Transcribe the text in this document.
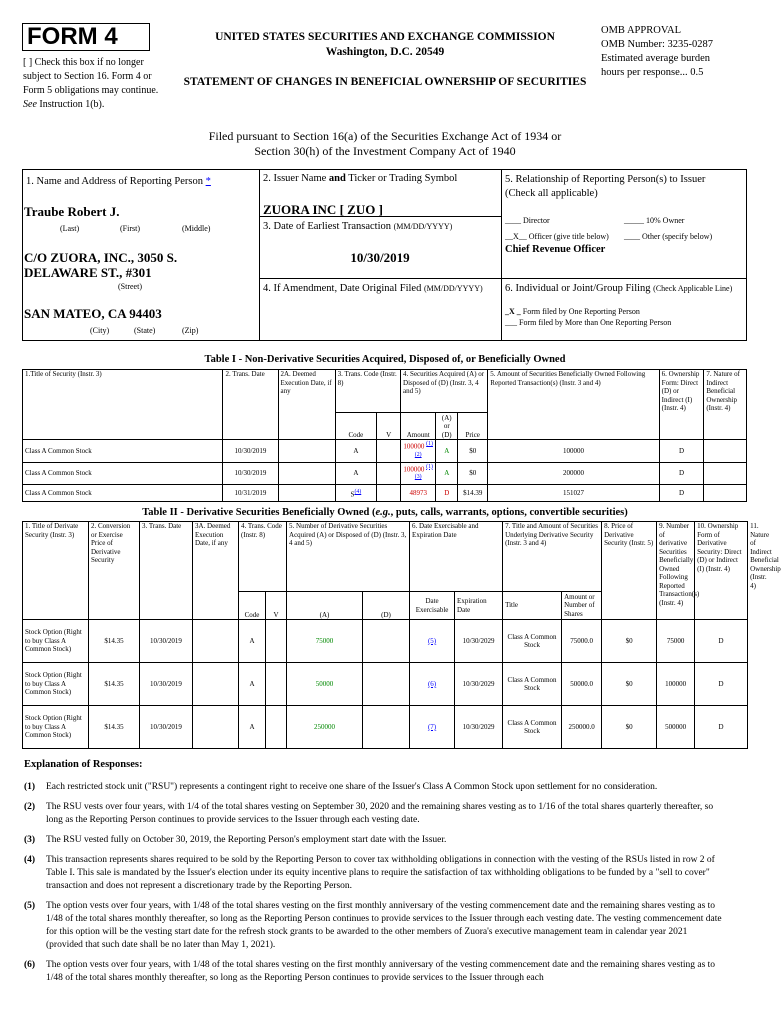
FORM 4
[ ] Check this box if no longer subject to Section 16. Form 4 or Form 5 obligations may continue. See Instruction 1(b).
UNITED STATES SECURITIES AND EXCHANGE COMMISSION
Washington, D.C. 20549
STATEMENT OF CHANGES IN BENEFICIAL OWNERSHIP OF SECURITIES
OMB APPROVAL
OMB Number: 3235-0287
Estimated average burden
hours per response... 0.5
Filed pursuant to Section 16(a) of the Securities Exchange Act of 1934 or
Section 30(h) of the Investment Company Act of 1940
1. Name and Address of Reporting Person *
Traube Robert J.
(Last)	(First)	(Middle)
C/O ZUORA, INC., 3050 S. DELAWARE ST., #301
(Street)
SAN MATEO, CA 94403
(City)	(State)	(Zip)
2. Issuer Name and Ticker or Trading Symbol
ZUORA INC [ ZUO ]
3. Date of Earliest Transaction (MM/DD/YYYY)
10/30/2019
4. If Amendment, Date Original Filed (MM/DD/YYYY)
5. Relationship of Reporting Person(s) to Issuer
(Check all applicable)
____ Director	_____ 10% Owner
__X__ Officer (give title below) ____ Other (specify below)
Chief Revenue Officer
6. Individual or Joint/Group Filing (Check Applicable Line)
_X _ Form filed by One Reporting Person
___ Form filed by More than One Reporting Person
Table I - Non-Derivative Securities Acquired, Disposed of, or Beneficially Owned
1.Title of Security (Instr. 3)	2. Trans. Date	2A. Deemed Execution Date, if any	3. Trans. Code (Instr. 8)		4. Securities Acquired (A) or Disposed of (D) (Instr. 3, 4 and 5)			5. Amount of Securities Beneficially Owned Following Reported Transaction(s) (Instr. 3 and 4)	6. Ownership Form: Direct (D) or Indirect (I) (Instr. 4)	7. Nature of Indirect Beneficial Ownership (Instr. 4)
			Code	V	Amount	(A) or (D)	Price			
Class A Common Stock	10/30/2019		A		100000 $^{(1)(2)}$	A	$0	100000	D	
Class A Common Stock	10/30/2019		A		100000 $^{(1)(3)}$	A	$0	200000	D	
Class A Common Stock	10/31/2019		$S^{(4)}$		48973	D	$14.39	151027	D	
Table II - Derivative Securities Beneficially Owned (e.g., puts, calls, warrants, options, convertible securities)
1. Title of Derivate Security (Instr. 3)	2. Conversion or Exercise Price of Derivative Security	3. Trans. Date	3A. Deemed Execution Date, if any	4. Trans. Code (Instr. 8)		5. Number of Derivative Securities Acquired (A) or Disposed of (D) (Instr. 3, 4 and 5)		6. Date Exercisable and Expiration Date		7. Title and Amount of Securities Underlying Derivative Security (Instr. 3 and 4)		8. Price of Derivative Security (Instr. 5)	9. Number of derivative Securities Beneficially Owned Following Reported Transaction(s) (Instr. 4)	10. Ownership Form of Derivative Security: Direct (D) or Indirect (I) (Instr. 4)	11. Nature of Indirect Beneficial Ownership (Instr. 4)
				Code	V	(A)	(D)	Date Exercisable	Expiration Date	Title	Amount or Number of Shares				
Stock Option (Right to buy Class A Common Stock)	$14.35	10/30/2019		A		75000		(5)	10/30/2029	Class A Common Stock	75000.0	$0	75000	D	
Stock Option (Right to buy Class A Common Stock)	$14.35	10/30/2019		A		50000		(6)	10/30/2029	Class A Common Stock	50000.0	$0	100000	D	
Stock Option (Right to buy Class A Common Stock)	$14.35	10/30/2019		A		250000		(7)	10/30/2029	Class A Common Stock	250000.0	$0	500000	D	
Explanation of Responses:

(1) Each restricted stock unit ("RSU") represents a contingent right to receive one share of the Issuer's Class A Common Stock upon settlement for no consideration.

(2) The RSU vests over four years, with 1/4 of the total shares vesting on September 30, 2020 and the remaining shares vesting as to 1/16 of the total shares quarterly thereafter, so long as the Reporting Person continues to provide services to the Issuer through each vesting date.

(3) The RSU vested fully on October 30, 2019, the Reporting Person's employment start date with the Issuer.

(4) This transaction represents shares required to be sold by the Reporting Person to cover tax withholding obligations in connection with the vesting of the RSUs listed in row 2 of Table I. This sale is mandated by the Issuer's election under its equity incentive plans to require the satisfaction of tax withholding obligations to be funded by a "sell to cover" transaction and does not represent a discretionary trade by the Reporting Person.

(5) The option vests over four years, with 1/48 of the total shares vesting on the first monthly anniversary of the vesting commencement date and the remaining shares vesting as to 1/48 of the total shares monthly thereafter, so long as the Reporting Person continues to provide services to the Issuer through each vesting date. The vesting commencement date for this option will be the vesting start date for the refresh stock grants to be awarded to the other members of Zuora's executive management team in calendar year 2021 (provided that such date shall be no later than May 1, 2021).

(6) The option vests over four years, with 1/48 of the total shares vesting on the first monthly anniversary of the vesting commencement date and the remaining shares vesting as to 1/48 of the total shares monthly thereafter, so long as the Reporting Person continues to provide services to the Issuer through each
